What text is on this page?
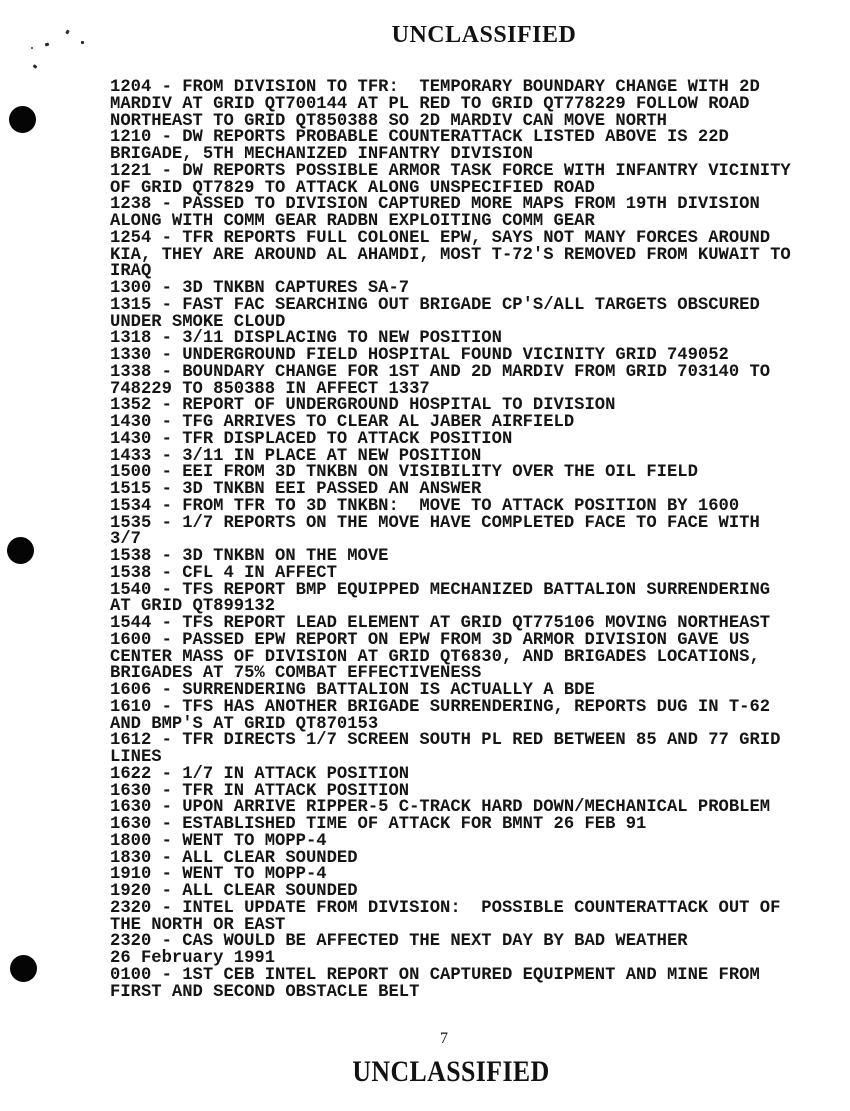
UNCLASSIFIED
1204 - FROM DIVISION TO TFR:  TEMPORARY BOUNDARY CHANGE WITH 2D
MARDIV AT GRID QT700144 AT PL RED TO GRID QT778229 FOLLOW ROAD
NORTHEAST TO GRID QT850388 SO 2D MARDIV CAN MOVE NORTH
1210 - DW REPORTS PROBABLE COUNTERATTACK LISTED ABOVE IS 22D
BRIGADE, 5TH MECHANIZED INFANTRY DIVISION
1221 - DW REPORTS POSSIBLE ARMOR TASK FORCE WITH INFANTRY VICINITY
OF GRID QT7829 TO ATTACK ALONG UNSPECIFIED ROAD
1238 - PASSED TO DIVISION CAPTURED MORE MAPS FROM 19TH DIVISION
ALONG WITH COMM GEAR RADBN EXPLOITING COMM GEAR
1254 - TFR REPORTS FULL COLONEL EPW, SAYS NOT MANY FORCES AROUND
KIA, THEY ARE AROUND AL AHAMDI, MOST T-72'S REMOVED FROM KUWAIT TO
IRAQ
1300 - 3D TNKBN CAPTURES SA-7
1315 - FAST FAC SEARCHING OUT BRIGADE CP'S/ALL TARGETS OBSCURED
UNDER SMOKE CLOUD
1318 - 3/11 DISPLACING TO NEW POSITION
1330 - UNDERGROUND FIELD HOSPITAL FOUND VICINITY GRID 749052
1338 - BOUNDARY CHANGE FOR 1ST AND 2D MARDIV FROM GRID 703140 TO
748229 TO 850388 IN AFFECT 1337
1352 - REPORT OF UNDERGROUND HOSPITAL TO DIVISION
1430 - TFG ARRIVES TO CLEAR AL JABER AIRFIELD
1430 - TFR DISPLACED TO ATTACK POSITION
1433 - 3/11 IN PLACE AT NEW POSITION
1500 - EEI FROM 3D TNKBN ON VISIBILITY OVER THE OIL FIELD
1515 - 3D TNKBN EEI PASSED AN ANSWER
1534 - FROM TFR TO 3D TNKBN:  MOVE TO ATTACK POSITION BY 1600
1535 - 1/7 REPORTS ON THE MOVE HAVE COMPLETED FACE TO FACE WITH
3/7
1538 - 3D TNKBN ON THE MOVE
1538 - CFL 4 IN AFFECT
1540 - TFS REPORT BMP EQUIPPED MECHANIZED BATTALION SURRENDERING
AT GRID QT899132
1544 - TFS REPORT LEAD ELEMENT AT GRID QT775106 MOVING NORTHEAST
1600 - PASSED EPW REPORT ON EPW FROM 3D ARMOR DIVISION GAVE US
CENTER MASS OF DIVISION AT GRID QT6830, AND BRIGADES LOCATIONS,
BRIGADES AT 75% COMBAT EFFECTIVENESS
1606 - SURRENDERING BATTALION IS ACTUALLY A BDE
1610 - TFS HAS ANOTHER BRIGADE SURRENDERING, REPORTS DUG IN T-62
AND BMP'S AT GRID QT870153
1612 - TFR DIRECTS 1/7 SCREEN SOUTH PL RED BETWEEN 85 AND 77 GRID
LINES
1622 - 1/7 IN ATTACK POSITION
1630 - TFR IN ATTACK POSITION
1630 - UPON ARRIVE RIPPER-5 C-TRACK HARD DOWN/MECHANICAL PROBLEM
1630 - ESTABLISHED TIME OF ATTACK FOR BMNT 26 FEB 91
1800 - WENT TO MOPP-4
1830 - ALL CLEAR SOUNDED
1910 - WENT TO MOPP-4
1920 - ALL CLEAR SOUNDED
2320 - INTEL UPDATE FROM DIVISION:  POSSIBLE COUNTERATTACK OUT OF
THE NORTH OR EAST
2320 - CAS WOULD BE AFFECTED THE NEXT DAY BY BAD WEATHER
26 February 1991
0100 - 1ST CEB INTEL REPORT ON CAPTURED EQUIPMENT AND MINE FROM
FIRST AND SECOND OBSTACLE BELT
7
UNCLASSIFIED
